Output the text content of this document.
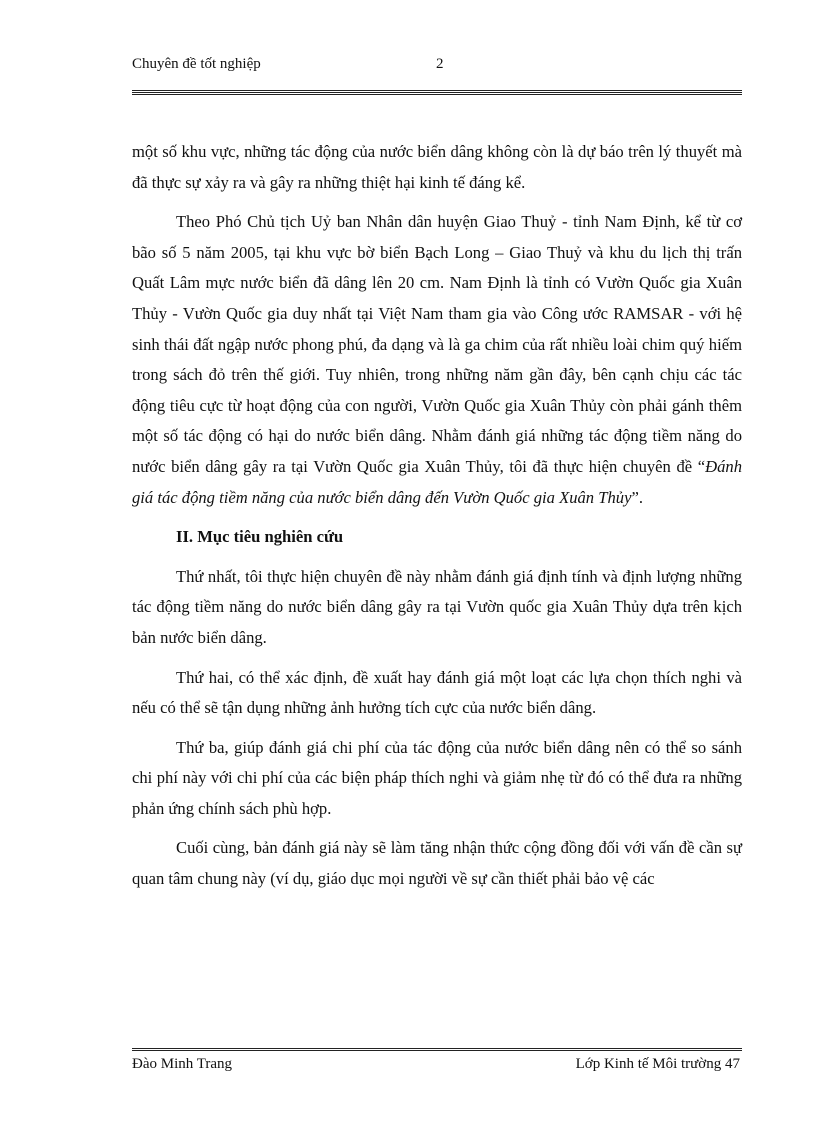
Chuyên đề tốt nghiệp	2

một số khu vực, những tác động của nước biển dâng không còn là dự báo trên lý thuyết mà đã thực sự xảy ra và gây ra những thiệt hại kinh tế đáng kể.

Theo Phó Chủ tịch Uỷ ban Nhân dân huyện Giao Thuỷ - tỉnh Nam Định, kể từ cơ bão số 5 năm 2005, tại khu vực bờ biển Bạch Long – Giao Thuỷ và khu du lịch thị trấn Quất Lâm mực nước biển đã dâng lên 20 cm. Nam Định là tỉnh có Vườn Quốc gia Xuân Thủy - Vườn Quốc gia duy nhất tại Việt Nam tham gia vào Công ước RAMSAR - với hệ sinh thái đất ngập nước phong phú, đa dạng và là ga chim của rất nhiều loài chim quý hiếm trong sách đỏ trên thế giới. Tuy nhiên, trong những năm gần đây, bên cạnh chịu các tác động tiêu cực từ hoạt động của con người, Vườn Quốc gia Xuân Thủy còn phải gánh thêm một số tác động có hại do nước biển dâng. Nhằm đánh giá những tác động tiềm năng do nước biển dâng gây ra tại Vườn Quốc gia Xuân Thủy, tôi đã thực hiện chuyên đề “Đánh giá tác động tiềm năng của nước biển dâng đến Vườn Quốc gia Xuân Thủy”.

II. Mục tiêu nghiên cứu

Thứ nhất, tôi thực hiện chuyên đề này nhằm đánh giá định tính và định lượng những tác động tiềm năng do nước biển dâng gây ra tại Vườn quốc gia Xuân Thủy dựa trên kịch bản nước biển dâng.

Thứ hai, có thể xác định, đề xuất hay đánh giá một loạt các lựa chọn thích nghi và nếu có thể sẽ tận dụng những ảnh hưởng tích cực của nước biển dâng.

Thứ ba, giúp đánh giá chi phí của tác động của nước biển dâng nên có thể so sánh chi phí này với chi phí của các biện pháp thích nghi và giảm nhẹ từ đó có thể đưa ra những phản ứng chính sách phù hợp.

Cuối cùng, bản đánh giá này sẽ làm tăng nhận thức cộng đồng đối với vấn đề cần sự quan tâm chung này (ví dụ, giáo dục mọi người về sự cần thiết phải bảo vệ các

Đào Minh Trang	Lớp Kinh tế Môi trường 47
